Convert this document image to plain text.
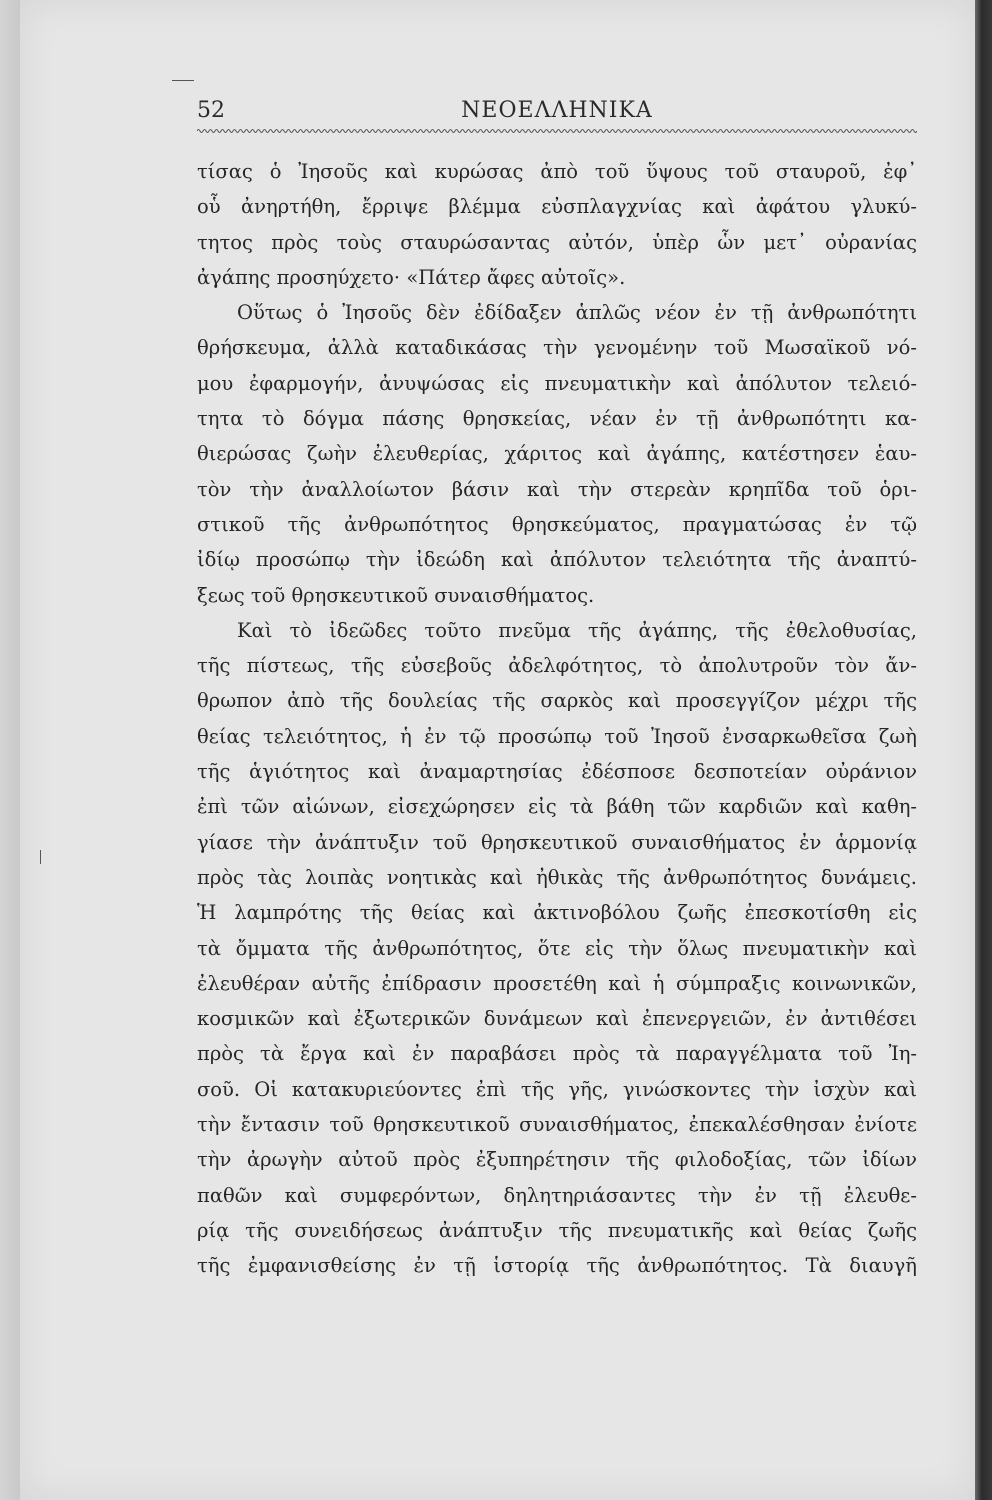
52	ΝΕΟΕΛΛΗΝΙΚΑ
τίσας ὁ Ἰησοῦς καὶ κυρώσας ἀπὸ τοῦ ὕψους τοῦ σταυροῦ, ἐφ᾽
οὗ ἀνηρτήθη, ἔρριψε βλέμμα εὐσπλαγχνίας καὶ ἀφάτου γλυκύ-
τητος πρὸς τοὺς σταυρώσαντας αὐτόν, ὑπὲρ ὧν μετ᾽ οὐρανίας
ἀγάπης προσηύχετο· «Πάτερ ἄφες αὐτοῖς».
Οὕτως ὁ Ἰησοῦς δὲν ἐδίδαξεν ἁπλῶς νέον ἐν τῇ ἀνθρωπότητι
θρήσκευμα, ἀλλὰ καταδικάσας τὴν γενομένην τοῦ Μωσαϊκοῦ νό-
μου ἐφαρμογήν, ἀνυψώσας εἰς πνευματικὴν καὶ ἀπόλυτον τελειό-
τητα τὸ δόγμα πάσης θρησκείας, νέαν ἐν τῇ ἀνθρωπότητι κα-
θιερώσας ζωὴν ἐλευθερίας, χάριτος καὶ ἀγάπης, κατέστησεν ἑαυ-
τὸν τὴν ἀναλλοίωτον βάσιν καὶ τὴν στερεὰν κρηπῖδα τοῦ ὁρι-
στικοῦ τῆς ἀνθρωπότητος θρησκεύματος, πραγματώσας ἐν τῷ
ἰδίῳ προσώπῳ τὴν ἰδεώδη καὶ ἀπόλυτον τελειότητα τῆς ἀναπτύ-
ξεως τοῦ θρησκευτικοῦ συναισθήματος.
Καὶ τὸ ἰδεῶδες τοῦτο πνεῦμα τῆς ἀγάπης, τῆς ἐθελοθυσίας,
τῆς πίστεως, τῆς εὐσεβοῦς ἀδελφότητος, τὸ ἀπολυτροῦν τὸν ἄν-
θρωπον ἀπὸ τῆς δουλείας τῆς σαρκὸς καὶ προσεγγίζον μέχρι τῆς
θείας τελειότητος, ἡ ἐν τῷ προσώπῳ τοῦ Ἰησοῦ ἐνσαρκωθεῖσα ζωὴ
τῆς ἁγιότητος καὶ ἀναμαρτησίας ἐδέσποσε δεσποτείαν οὐράνιον
ἐπὶ τῶν αἰώνων, εἰσεχώρησεν εἰς τὰ βάθη τῶν καρδιῶν καὶ καθη-
γίασε τὴν ἀνάπτυξιν τοῦ θρησκευτικοῦ συναισθήματος ἐν ἁρμονίᾳ
πρὸς τὰς λοιπὰς νοητικὰς καὶ ἠθικὰς τῆς ἀνθρωπότητος δυνάμεις.
Ἡ λαμπρότης τῆς θείας καὶ ἀκτινοβόλου ζωῆς ἐπεσκοτίσθη εἰς
τὰ ὄμματα τῆς ἀνθρωπότητος, ὅτε εἰς τὴν ὅλως πνευματικὴν καὶ
ἐλευθέραν αὐτῆς ἐπίδρασιν προσετέθη καὶ ἡ σύμπραξις κοινωνικῶν,
κοσμικῶν καὶ ἐξωτερικῶν δυνάμεων καὶ ἐπενεργειῶν, ἐν ἀντιθέσει
πρὸς τὰ ἔργα καὶ ἐν παραβάσει πρὸς τὰ παραγγέλματα τοῦ Ἰη-
σοῦ. Οἱ κατακυριεύοντες ἐπὶ τῆς γῆς, γινώσκοντες τὴν ἰσχὺν καὶ
τὴν ἔντασιν τοῦ θρησκευτικοῦ συναισθήματος, ἐπεκαλέσθησαν ἐνίοτε
τὴν ἀρωγὴν αὐτοῦ πρὸς ἐξυπηρέτησιν τῆς φιλοδοξίας, τῶν ἰδίων
παθῶν καὶ συμφερόντων, δηλητηριάσαντες τὴν ἐν τῇ ἐλευθε-
ρίᾳ τῆς συνειδήσεως ἀνάπτυξιν τῆς πνευματικῆς καὶ θείας ζωῆς
τῆς ἐμφανισθείσης ἐν τῇ ἱστορίᾳ τῆς ἀνθρωπότητος. Τὰ διαυγῆ
